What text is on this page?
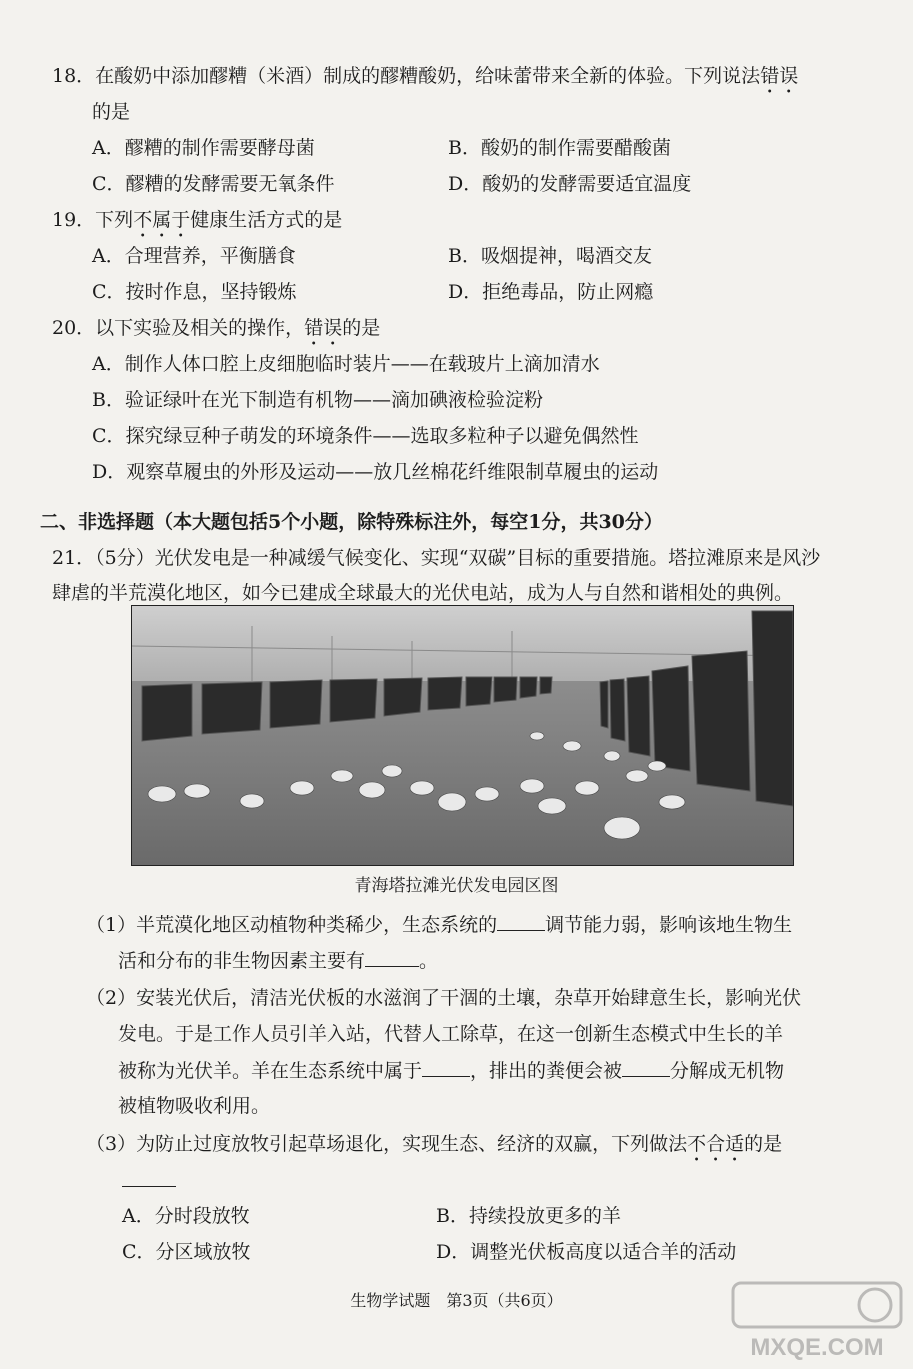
18．在酸奶中添加醪糟（米酒）制成的醪糟酸奶，给味蕾带来全新的体验。下列说法错误
的是
A．醪糟的制作需要酵母菌	B．酸奶的制作需要醋酸菌
C．醪糟的发酵需要无氧条件	D．酸奶的发酵需要适宜温度
19．下列不属于健康生活方式的是
A．合理营养，平衡膳食	B．吸烟提神，喝酒交友
C．按时作息，坚持锻炼	D．拒绝毒品，防止网瘾
20．以下实验及相关的操作，错误的是
A．制作人体口腔上皮细胞临时装片——在载玻片上滴加清水
B．验证绿叶在光下制造有机物——滴加碘液检验淀粉
C．探究绿豆种子萌发的环境条件——选取多粒种子以避免偶然性
D．观察草履虫的外形及运动——放几丝棉花纤维限制草履虫的运动
二、非选择题（本大题包括5个小题，除特殊标注外，每空1分，共30分）
21．（5分）光伏发电是一种减缓气候变化、实现“双碳”目标的重要措施。塔拉滩原来是风沙
肆虐的半荒漠化地区，如今已建成全球最大的光伏电站，成为人与自然和谐相处的典例。
青海塔拉滩光伏发电园区图
（1）半荒漠化地区动植物种类稀少，生态系统的	调节能力弱，影响该地生物生
活和分布的非生物因素主要有	。
（2）安装光伏后，清洁光伏板的水滋润了干涸的土壤，杂草开始肆意生长，影响光伏
发电。于是工作人员引羊入站，代替人工除草，在这一创新生态模式中生长的羊
被称为光伏羊。羊在生态系统中属于	，排出的粪便会被	分解成无机物
被植物吸收利用。
（3）为防止过度放牧引起草场退化，实现生态、经济的双赢，下列做法不合适的是
A．分时段放牧	B．持续投放更多的羊
C．分区域放牧	D．调整光伏板高度以适合羊的活动
生物学试题　第3页（共6页）
MXQE.COM
